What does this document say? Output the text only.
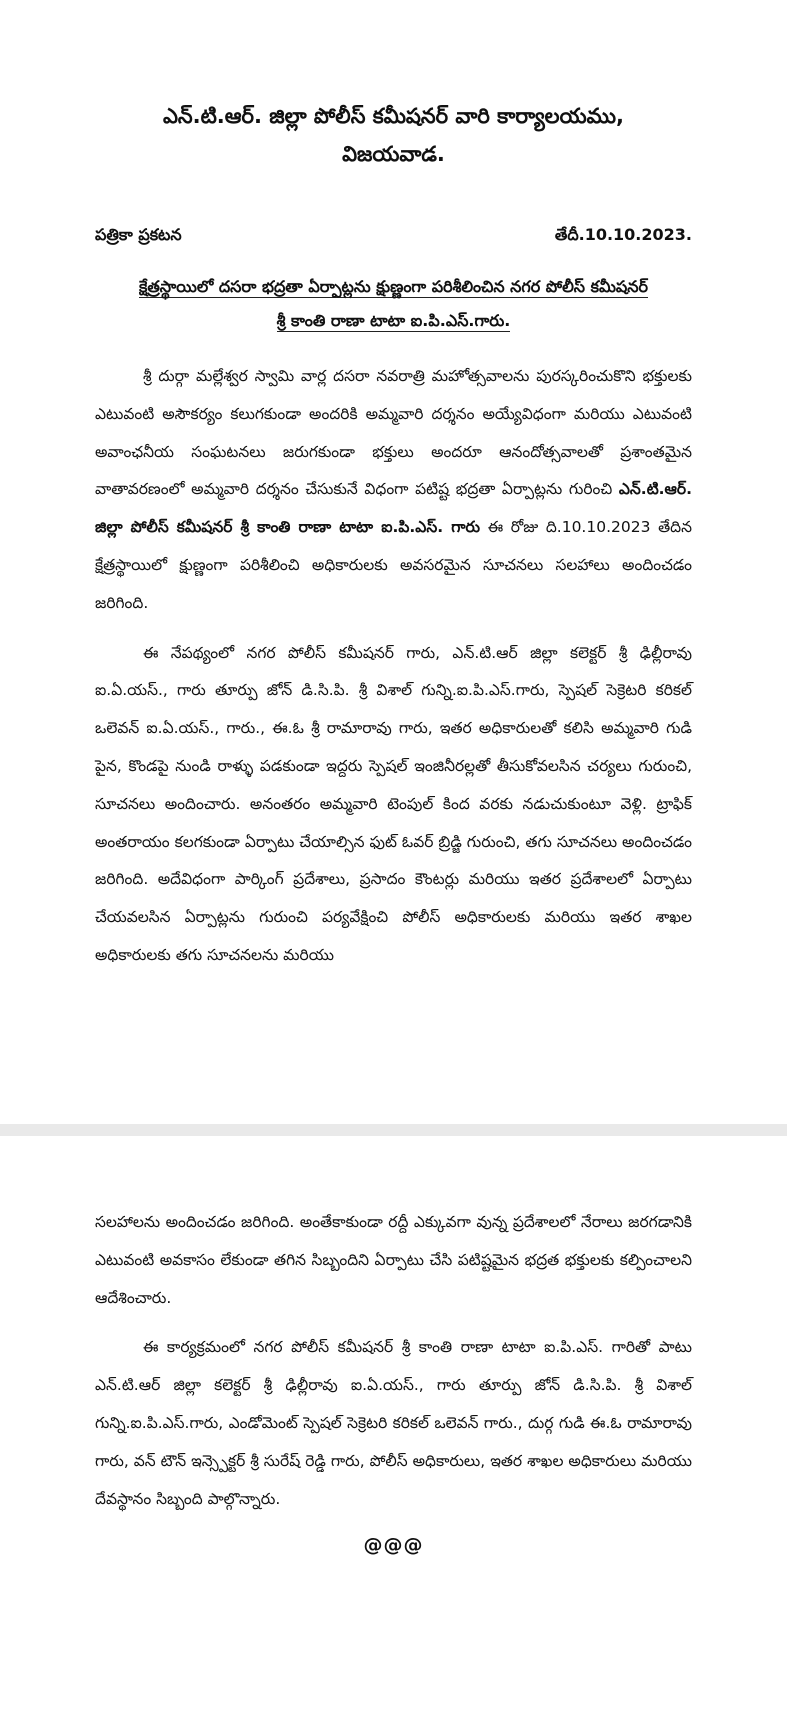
ఎన్.టి.ఆర్. జిల్లా పోలీస్ కమీషనర్ వారి కార్యాలయము,

విజయవాడ.

పత్రికా ప్రకటన	తేదీ.10.10.2023.
క్షేత్రస్థాయిలో దసరా భద్రతా ఏర్పాట్లను క్షుణ్ణంగా పరిశీలించిన నగర పోలీస్ కమీషనర్
శ్రీ కాంతి రాణా టాటా ఐ.పి.ఎస్.గారు.

శ్రీ దుర్గా మల్లేశ్వర స్వామి వార్ల దసరా నవరాత్రి మహోత్సవాలను పురస్కరించుకొని భక్తులకు ఎటువంటి అసౌకర్యం కలుగకుండా అందరికి అమ్మవారి దర్శనం అయ్యేవిధంగా మరియు ఎటువంటి అవాంఛనీయ సంఘటనలు జరుగకుండా భక్తులు అందరూ ఆనందోత్సవాలతో ప్రశాంతమైన వాతావరణంలో అమ్మవారి దర్శనం చేసుకునే విధంగా పటిష్ట భద్రతా ఏర్పాట్లను గురించి ఎన్.టి.ఆర్. జిల్లా పోలీస్ కమీషనర్ శ్రీ కాంతి రాణా టాటా ఐ.పి.ఎస్. గారు ఈ రోజు ది.10.10.2023 తేదిన క్షేత్రస్థాయిలో క్షుణ్ణంగా పరిశీలించి అధికారులకు అవసరమైన సూచనలు సలహాలు అందించడం జరిగింది.

ఈ నేపథ్యంలో నగర పోలీస్ కమీషనర్ గారు, ఎన్.టి.ఆర్ జిల్లా కలెక్టర్ శ్రీ ఢిల్లీరావు ఐ.ఏ.యస్., గారు తూర్పు జోన్ డి.సి.పి. శ్రీ విశాల్ గున్ని.ఐ.పి.ఎస్.గారు, స్పెషల్ సెక్రెటరి కరికల్ ఒలెవన్ ఐ.ఏ.యస్., గారు., ఈ.ఓ శ్రీ రామారావు గారు, ఇతర అధికారులతో కలిసి అమ్మవారి గుడి పైన, కొండపై నుండి రాళ్ళు పడకుండా ఇద్దరు స్పెషల్ ఇంజినీరల్లతో తీసుకోవలసిన చర్యలు గురుంచి, సూచనలు అందించారు. అనంతరం అమ్మవారి టెంపుల్ కింద వరకు నడుచుకుంటూ వెళ్లి. ట్రాఫిక్ అంతరాయం కలగకుండా ఏర్పాటు చేయాల్సిన ఫుట్ ఓవర్ బ్రిడ్జి గురుంచి, తగు సూచనలు అందించడం జరిగింది. అదేవిధంగా పార్కింగ్ ప్రదేశాలు, ప్రసాదం కౌంటర్లు మరియు ఇతర ప్రదేశాలలో ఏర్పాటు చేయవలసిన ఏర్పాట్లను గురుంచి పర్యవేక్షించి పోలీస్ అధికారులకు మరియు ఇతర శాఖల అధికారులకు తగు సూచనలను మరియు

సలహాలను అందించడం జరిగింది. అంతేకాకుండా రద్దీ ఎక్కువగా వున్న ప్రదేశాలలో నేరాలు జరగడానికి ఎటువంటి అవకాసం లేకుండా తగిన సిబ్బందిని ఏర్పాటు చేసి పటిష్టమైన భద్రత భక్తులకు కల్పించాలని ఆదేశించారు.

ఈ కార్యక్రమంలో నగర పోలీస్ కమీషనర్ శ్రీ కాంతి రాణా టాటా ఐ.పి.ఎస్. గారితో పాటు ఎన్.టి.ఆర్ జిల్లా కలెక్టర్ శ్రీ ఢిల్లీరావు ఐ.ఏ.యస్., గారు తూర్పు జోన్ డి.సి.పి. శ్రీ విశాల్ గున్ని.ఐ.పి.ఎస్.గారు, ఎండోమెంట్ స్పెషల్ సెక్రెటరి కరికల్ ఒలెవన్ గారు., దుర్గ గుడి ఈ.ఓ రామారావు గారు, వన్ టౌన్ ఇన్స్పెక్టర్ శ్రీ సురేష్ రెడ్డి గారు, పోలీస్ అధికారులు, ఇతర శాఖల అధికారులు మరియు దేవస్థానం సిబ్బంది పాల్గొన్నారు.

@@@
